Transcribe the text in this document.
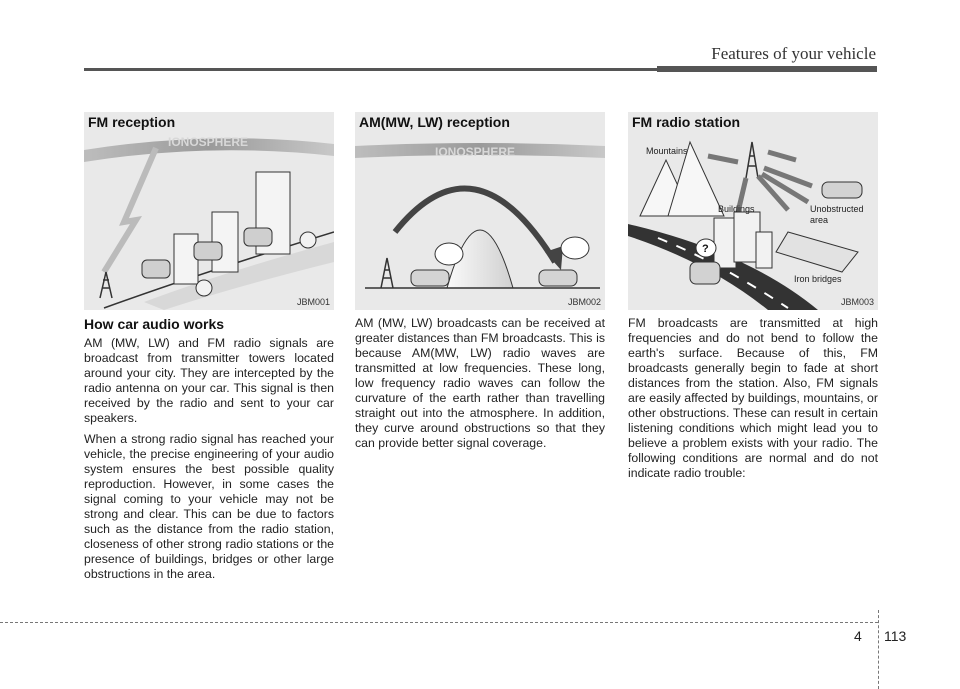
Features of your vehicle
FM reception
IONOSPHERE
JBM001
How car audio works

AM (MW, LW) and FM radio signals are broadcast from transmitter towers located around your city. They are intercepted by the radio antenna on your car. This signal is then received by the radio and sent to your car speakers.

When a strong radio signal has reached your vehicle, the precise engineering of your audio system ensures the best possible quality reproduction. However, in some cases the signal coming to your vehicle may not be strong and clear. This can be due to factors such as the distance from the radio station, closeness of other strong radio stations or the presence of buildings, bridges or other large obstructions in the area.

AM(MW, LW) reception
IONOSPHERE
JBM002

AM (MW, LW) broadcasts can be received at greater distances than FM broadcasts. This is because AM(MW, LW) radio waves are transmitted at low frequencies. These long, low frequency radio waves can follow the curvature of the earth rather than travelling straight out into the atmosphere. In addition, they curve around obstructions so that they can provide better signal coverage.

FM radio station
?
Mountains
Buildings	Unobstructed
area
Iron bridges
JBM003

FM broadcasts are transmitted at high frequencies and do not bend to follow the earth's surface. Because of this, FM broadcasts generally begin to fade at short distances from the station. Also, FM signals are easily affected by buildings, mountains, or other obstructions. These can result in certain listening conditions which might lead you to believe a problem exists with your radio. The following conditions are normal and do not indicate radio trouble:

4 113
